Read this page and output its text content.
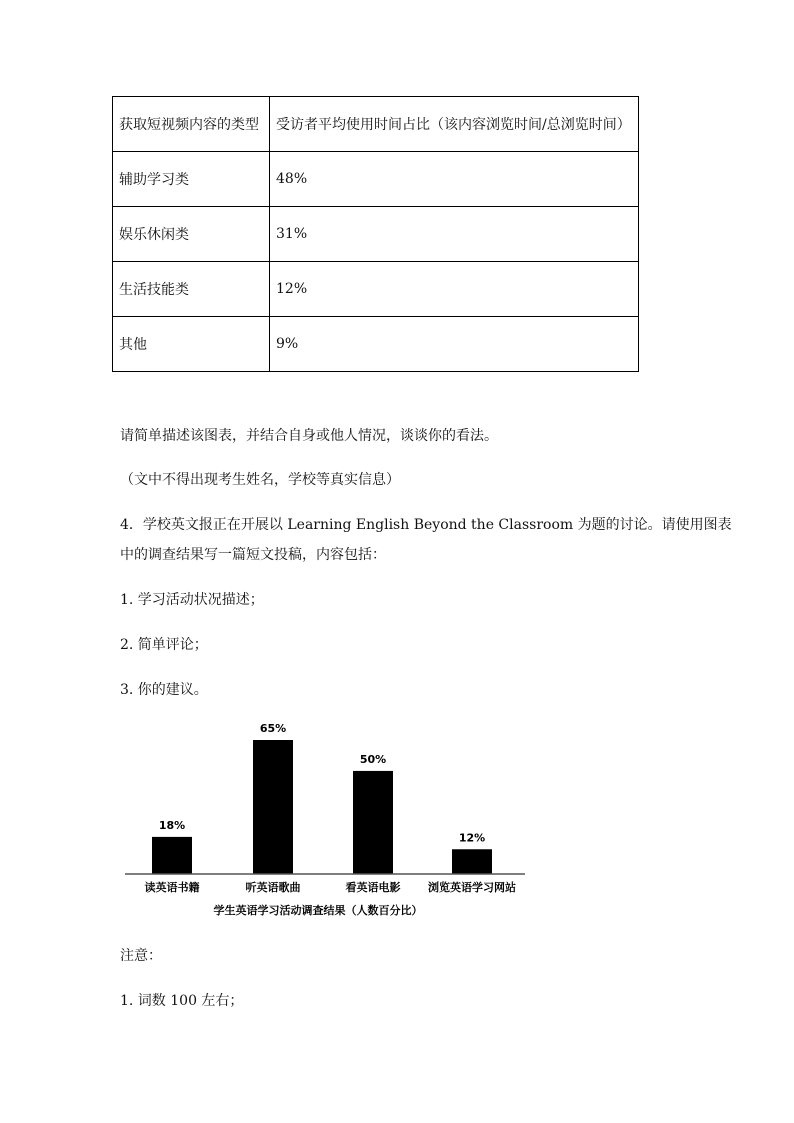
获取短视频内容的类型	受访者平均使用时间占比（该内容浏览时间/总浏览时间）
辅助学习类	48%
娱乐休闲类	31%
生活技能类	12%
其他	9%
请简单描述该图表，并结合自身或他人情况，谈谈你的看法。
（文中不得出现考生姓名，学校等真实信息）
4．学校英文报正在开展以 Learning English Beyond the Classroom 为题的讨论。请使用图表
中的调查结果写一篇短文投稿，内容包括：
1. 学习活动状况描述；
2. 简单评论；
3. 你的建议。
18%
读英语书籍
65%
听英语歌曲
50%
看英语电影
12%
浏览英语学习网站
学生英语学习活动调查结果（人数百分比）
注意：
1. 词数 100 左右；
